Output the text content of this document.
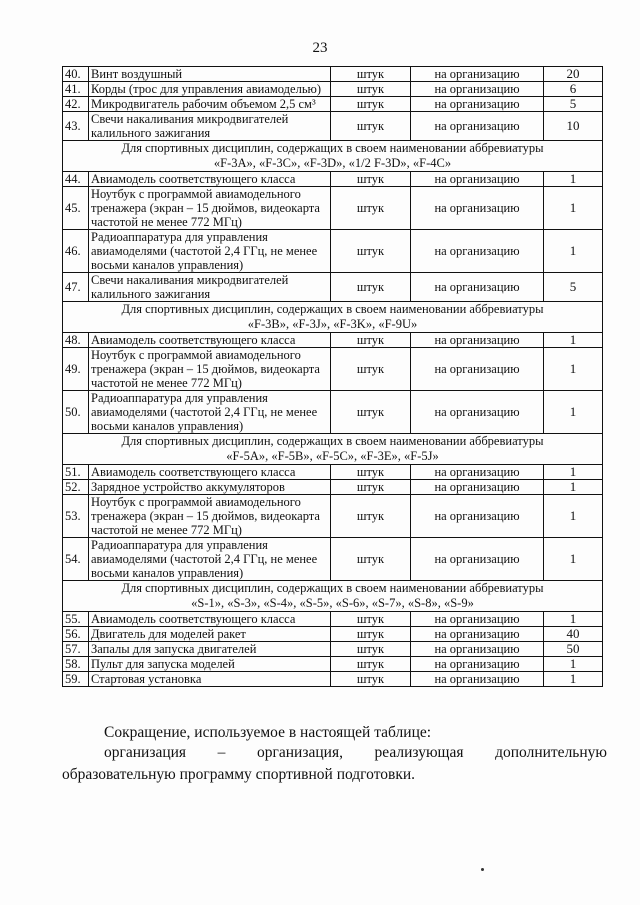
23
40.	Винт воздушный	штук	на организацию	20
41.	Корды (трос для управления авиамоделью)	штук	на организацию	6
42.	Микродвигатель рабочим объемом 2,5 см³	штук	на организацию	5
43.	Свечи накаливания микродвигателей калильного зажигания	штук	на организацию	10

Для спортивных дисциплин, содержащих в своем наименовании аббревиатуры
«F-3A», «F-3C», «F-3D», «1/2 F-3D», «F-4C»				

44.	Авиамодель соответствующего класса	штук	на организацию	1
45.	Ноутбук с программой авиамодельного тренажера (экран – 15 дюймов, видеокарта частотой не менее 772 МГц)	штук	на организацию	1
46.	Радиоаппаратура для управления авиамоделями (частотой 2,4 ГГц, не менее восьми каналов управления)	штук	на организацию	1
47.	Свечи накаливания микродвигателей калильного зажигания	штук	на организацию	5

Для спортивных дисциплин, содержащих в своем наименовании аббревиатуры
«F-3B», «F-3J», «F-3K», «F-9U»				

48.	Авиамодель соответствующего класса	штук	на организацию	1
49.	Ноутбук с программой авиамодельного тренажера (экран – 15 дюймов, видеокарта частотой не менее 772 МГц)	штук	на организацию	1
50.	Радиоаппаратура для управления авиамоделями (частотой 2,4 ГГц, не менее восьми каналов управления)	штук	на организацию	1

Для спортивных дисциплин, содержащих в своем наименовании аббревиатуры
«F-5A», «F-5B», «F-5C», «F-3E», «F-5J»				

51.	Авиамодель соответствующего класса	штук	на организацию	1
52.	Зарядное устройство аккумуляторов	штук	на организацию	1
53.	Ноутбук с программой авиамодельного тренажера (экран – 15 дюймов, видеокарта частотой не менее 772 МГц)	штук	на организацию	1
54.	Радиоаппаратура для управления авиамоделями (частотой 2,4 ГГц, не менее восьми каналов управления)	штук	на организацию	1

Для спортивных дисциплин, содержащих в своем наименовании аббревиатуры
«S-1», «S-3», «S-4», «S-5», «S-6», «S-7», «S-8», «S-9»				

55.	Авиамодель соответствующего класса	штук	на организацию	1
56.	Двигатель для моделей ракет	штук	на организацию	40
57.	Запалы для запуска двигателей	штук	на организацию	50
58.	Пульт для запуска моделей	штук	на организацию	1
59.	Стартовая установка	штук	на организацию	1
Сокращение, используемое в настоящей таблице:
организация – организация, реализующая дополнительную образовательную программу спортивной подготовки.
